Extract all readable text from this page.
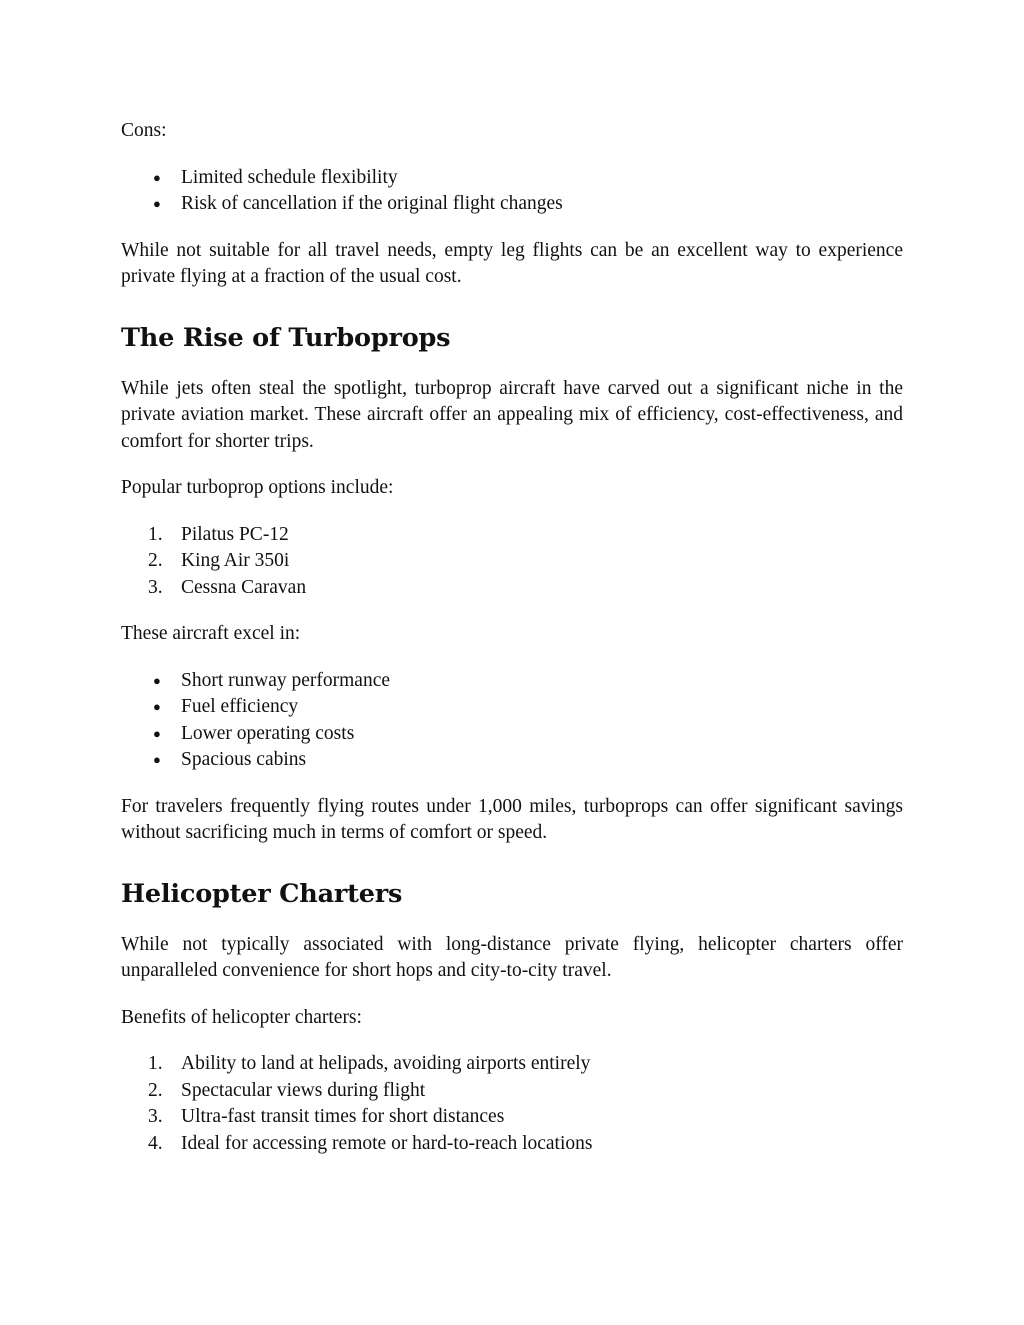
Cons:

● Limited schedule flexibility
● Risk of cancellation if the original flight changes

While not suitable for all travel needs, empty leg flights can be an excellent way to experience private flying at a fraction of the usual cost.

The Rise of Turboprops

While jets often steal the spotlight, turboprop aircraft have carved out a significant niche in the private aviation market. These aircraft offer an appealing mix of efficiency, cost-effectiveness, and comfort for shorter trips.

Popular turboprop options include:

1. Pilatus PC-12
2. King Air 350i
3. Cessna Caravan

These aircraft excel in:

● Short runway performance
● Fuel efficiency
● Lower operating costs
● Spacious cabins

For travelers frequently flying routes under 1,000 miles, turboprops can offer significant savings without sacrificing much in terms of comfort or speed.

Helicopter Charters

While not typically associated with long-distance private flying, helicopter charters offer unparalleled convenience for short hops and city-to-city travel.

Benefits of helicopter charters:

1. Ability to land at helipads, avoiding airports entirely
2. Spectacular views during flight
3. Ultra-fast transit times for short distances
4. Ideal for accessing remote or hard-to-reach locations
